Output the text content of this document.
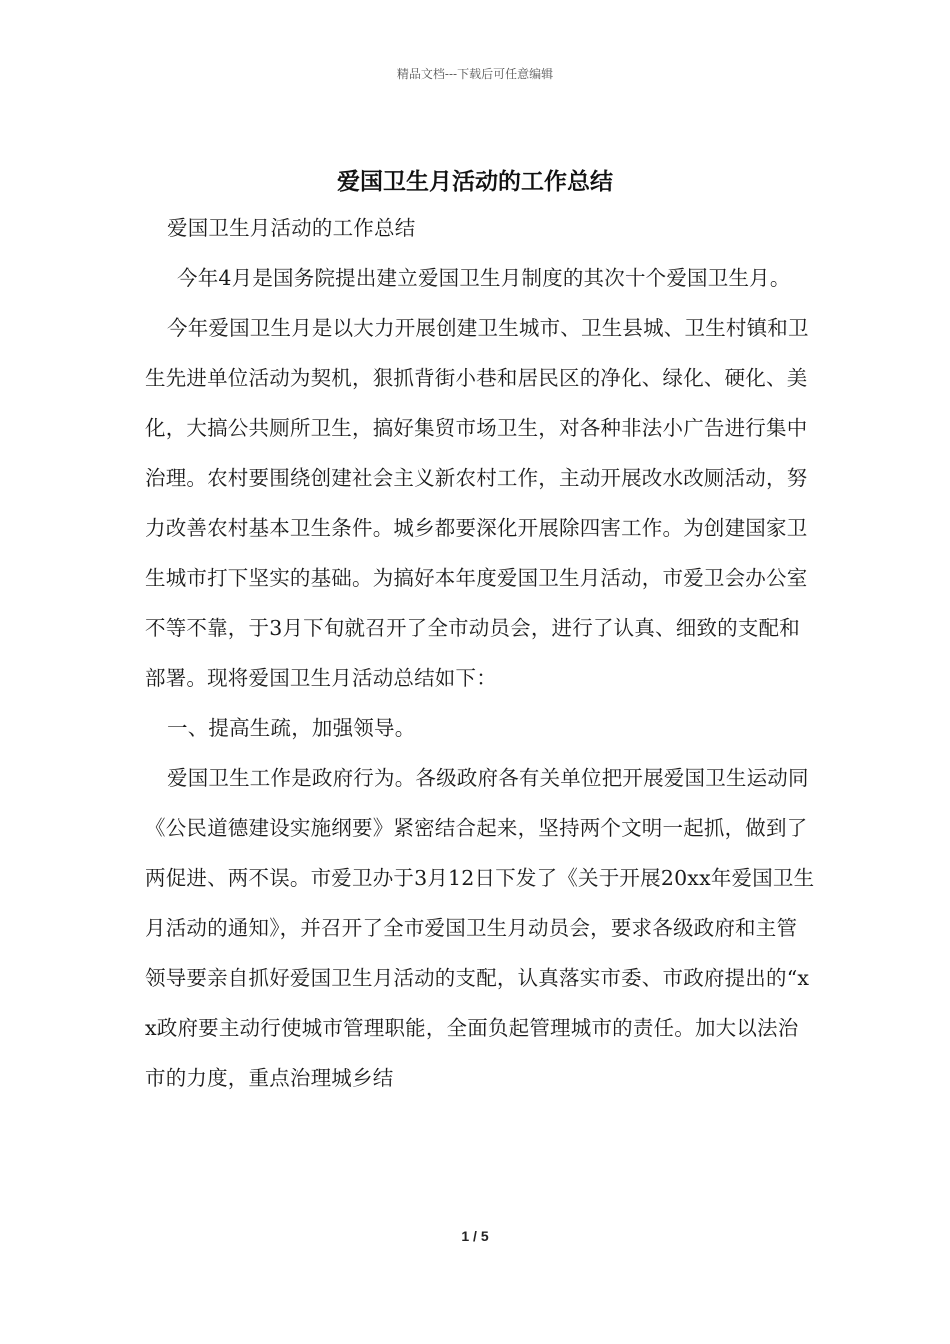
精品文档---下载后可任意编辑
爱国卫生月活动的工作总结

爱国卫生月活动的工作总结

今年4月是国务院提出建立爱国卫生月制度的其次十个爱国卫生月。

今年爱国卫生月是以大力开展创建卫生城市、卫生县城、卫生村镇和卫生先进单位活动为契机，狠抓背街小巷和居民区的净化、绿化、硬化、美化，大搞公共厕所卫生，搞好集贸市场卫生，对各种非法小广告进行集中治理。农村要围绕创建社会主义新农村工作，主动开展改水改厕活动，努力改善农村基本卫生条件。城乡都要深化开展除四害工作。为创建国家卫生城市打下坚实的基础。为搞好本年度爱国卫生月活动，市爱卫会办公室不等不靠，于3月下旬就召开了全市动员会，进行了认真、细致的支配和部署。现将爱国卫生月活动总结如下：

一、提高生疏，加强领导。

爱国卫生工作是政府行为。各级政府各有关单位把开展爱国卫生运动同《公民道德建设实施纲要》紧密结合起来，坚持两个文明一起抓，做到了两促进、两不误。市爱卫办于3月12日下发了《关于开展20xx年爱国卫生月活动的通知》，并召开了全市爱国卫生月动员会，要求各级政府和主管领导要亲自抓好爱国卫生月活动的支配，认真落实市委、市政府提出的“xx政府要主动行使城市管理职能，全面负起管理城市的责任。加大以法治市的力度，重点治理城乡结

1 / 5
